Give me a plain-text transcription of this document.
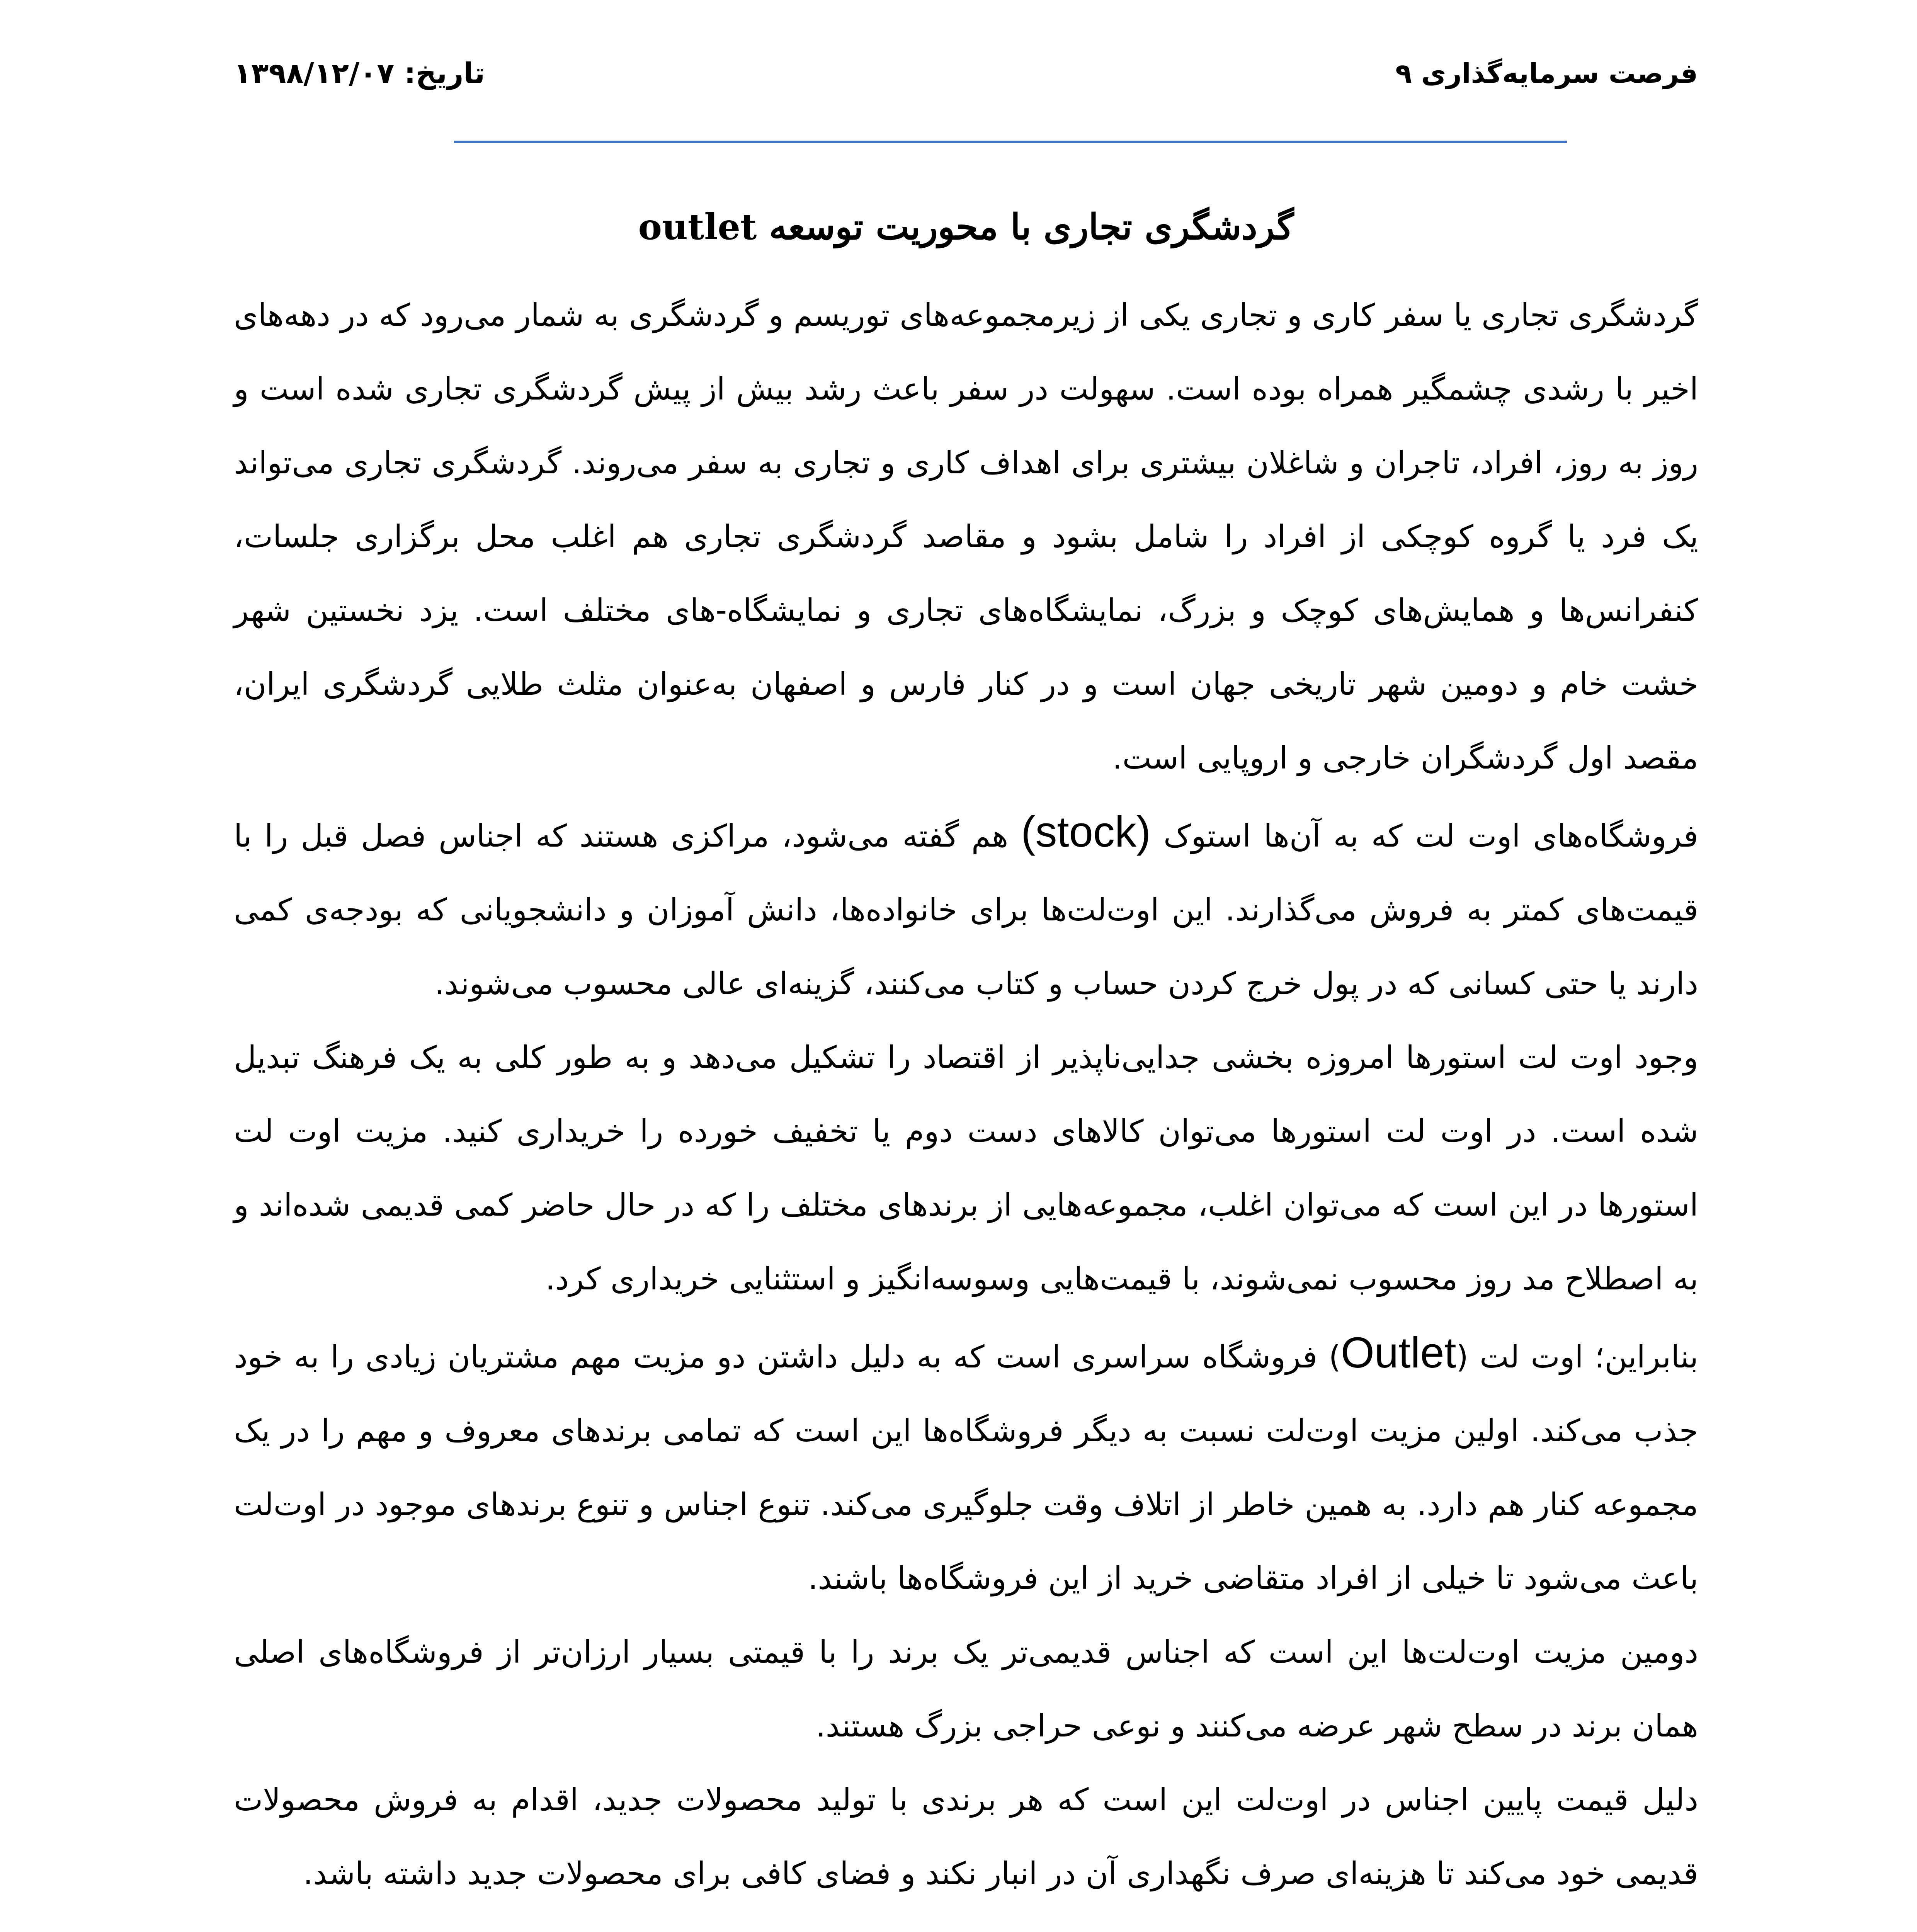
فرصت سرمایه‌گذاری ۹
تاریخ: ۱۳۹۸/۱۲/۰۷
گردشگری تجاری با محوریت توسعه outlet

گردشگری تجاری یا سفر کاری و تجاری یکی از زیرمجموعه‌های توریسم و گردشگری به شمار می‌رود که در دهه‌های اخیر با رشدی چشمگیر همراه بوده است. سهولت در سفر باعث رشد بیش از پیش گردشگری تجاری شده است و روز به روز، افراد، تاجران و شاغلان بیشتری برای اهداف کاری و تجاری به سفر می‌روند. گردشگری تجاری می‌تواند یک فرد یا گروه کوچکی از افراد را شامل بشود و مقاصد گردشگری تجاری هم اغلب محل برگزاری جلسات، کنفرانس‌ها و همایش‌های کوچک و بزرگ، نمایشگاه‌های تجاری و نمایشگاه-های مختلف است. یزد نخستین شهر خشت خام و دومین شهر تاریخی جهان است و در کنار فارس و اصفهان به‌عنوان مثلث طلایی گردشگری ایران، مقصد اول گردشگران خارجی و اروپایی است.

فروشگاه‌های اوت لت که به آن‌ها استوک (stock) هم گفته می‌شود، مراکزی هستند که اجناس فصل قبل را با قیمت‌های کمتر به فروش می‌گذارند. این اوت‌لت‌ها برای خانواده‌ها، دانش آموزان و دانشجویانی که بودجه‌ی کمی دارند یا حتی کسانی که در پول خرج کردن حساب و کتاب می‌کنند، گزینه‌ای عالی محسوب می‌شوند.

وجود اوت لت استورها امروزه بخشی جدایی‌ناپذیر از اقتصاد را تشکیل می‌دهد و به طور کلی به یک فرهنگ تبدیل شده است. در اوت لت استورها می‌توان کالاهای دست دوم یا تخفیف خورده را خریداری کنید. مزیت اوت لت استورها در این است که می‌توان اغلب، مجموعه‌هایی از برندهای مختلف را که در حال حاضر کمی قدیمی شده‌اند و به اصطلاح مد روز محسوب نمی‌شوند، با قیمت‌هایی وسوسه‌انگیز و استثنایی خریداری کرد.

بنابراین؛ اوت لت (Outlet) فروشگاه سراسری است که به دلیل داشتن دو مزیت مهم مشتریان زیادی را به خود جذب می‌کند. اولین مزیت اوت‌لت نسبت به دیگر فروشگاه‌ها این است که تمامی برندهای معروف و مهم را در یک مجموعه کنار هم دارد. به همین خاطر از اتلاف وقت جلوگیری می‌کند. تنوع اجناس و تنوع برندهای موجود در اوت‌لت باعث می‌شود تا خیلی از افراد متقاضی خرید از این فروشگاه‌ها باشند.

دومین مزیت اوت‌لت‌ها این است که اجناس قدیمی‌تر یک برند را با قیمتی بسیار ارزان‌تر از فروشگاه‌های اصلی همان برند در سطح شهر عرضه می‌کنند و نوعی حراجی بزرگ هستند.

دلیل قیمت پایین اجناس در اوت‌لت این است که هر برندی با تولید محصولات جدید، اقدام به فروش محصولات قدیمی خود می‌کند تا هزینه‌ای صرف نگهداری آن در انبار نکند و فضای کافی برای محصولات جدید داشته باشد.
